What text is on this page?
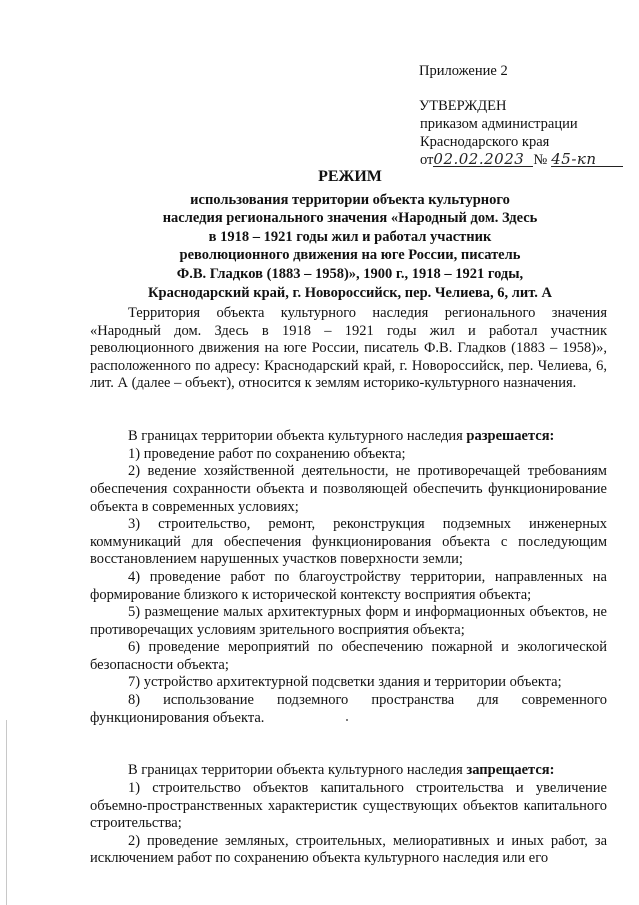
Приложение 2

УТВЕРЖДЕН

приказом администрации

Краснодарского края

от02.02.2023 № 45-кп
РЕЖИМ

использования территории объекта культурного

наследия регионального значения «Народный дом. Здесь

в 1918 – 1921 годы жил и работал участник

революционного движения на юге России, писатель

Ф.В. Гладков (1883 – 1958)», 1900 г., 1918 – 1921 годы,

Краснодарский край, г. Новороссийск, пер. Челиева, 6, лит. А

Территория объекта культурного наследия регионального значения «Народный дом. Здесь в 1918 – 1921 годы жил и работал участник революционного движения на юге России, писатель Ф.В. Гладков (1883 – 1958)», расположенного по адресу: Краснодарский край, г. Новороссийск, пер. Челиева, 6, лит. А (далее – объект), относится к землям историко-культурного назначения.

В границах территории объекта культурного наследия разрешается:

1) проведение работ по сохранению объекта;

2) ведение хозяйственной деятельности, не противоречащей требованиям обеспечения сохранности объекта и позволяющей обеспечить функционирование объекта в современных условиях;

3) строительство, ремонт, реконструкция подземных инженерных коммуникаций для обеспечения функционирования объекта с последующим восстановлением нарушенных участков поверхности земли;

4) проведение работ по благоустройству территории, направленных на формирование близкого к исторической контексту восприятия объекта;

5) размещение малых архитектурных форм и информационных объектов, не противоречащих условиям зрительного восприятия объекта;

6) проведение мероприятий по обеспечению пожарной и экологической безопасности объекта;

7) устройство архитектурной подсветки здания и территории объекта;

8) использование подземного пространства для современного функционирования объекта.

В границах территории объекта культурного наследия запрещается:

1) строительство объектов капитального строительства и увеличение объемно-пространственных характеристик существующих объектов капитального строительства;

2) проведение земляных, строительных, мелиоративных и иных работ, за исключением работ по сохранению объекта культурного наследия или его
